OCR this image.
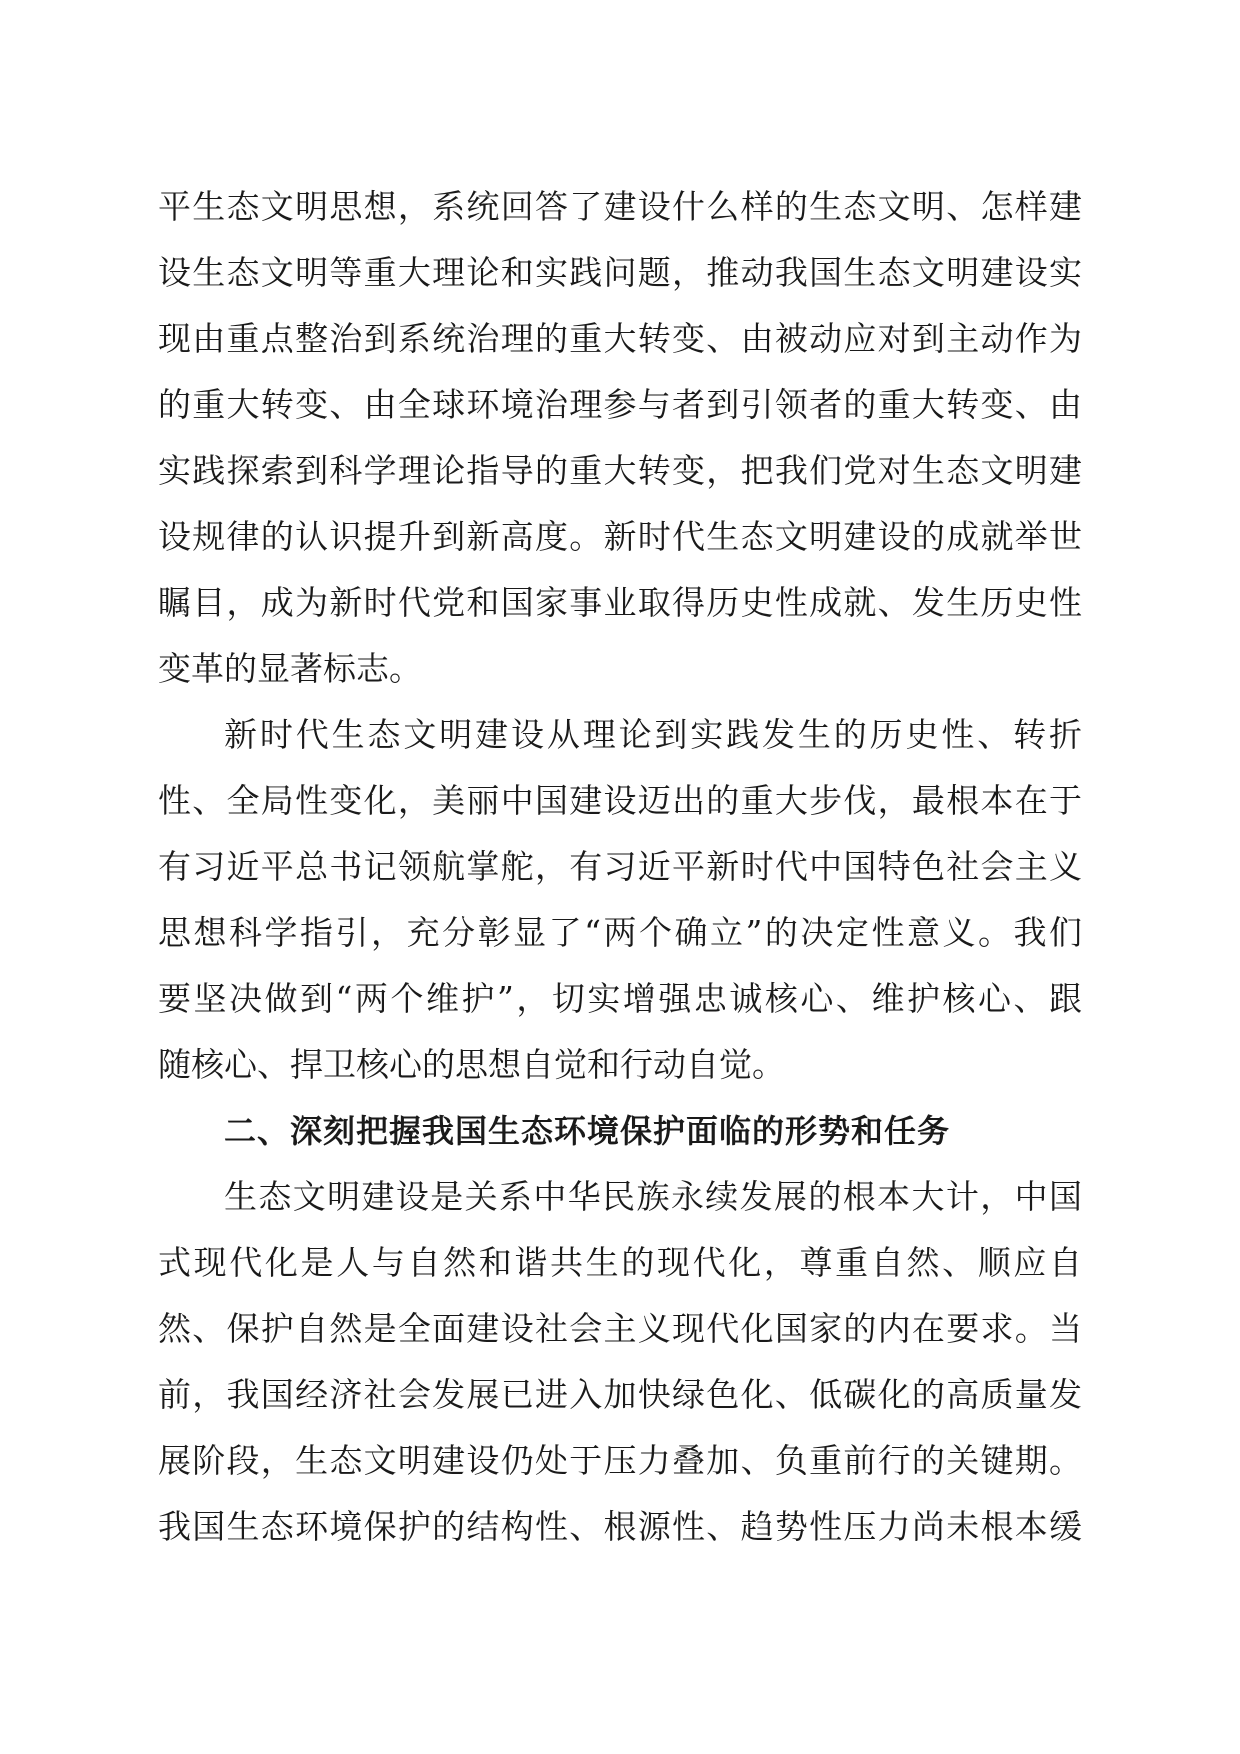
平生态文明思想，系统回答了建设什么样的生态文明、怎样建
设生态文明等重大理论和实践问题，推动我国生态文明建设实
现由重点整治到系统治理的重大转变、由被动应对到主动作为
的重大转变、由全球环境治理参与者到引领者的重大转变、由
实践探索到科学理论指导的重大转变，把我们党对生态文明建
设规律的认识提升到新高度。新时代生态文明建设的成就举世
瞩目，成为新时代党和国家事业取得历史性成就、发生历史性
变革的显著标志。
新时代生态文明建设从理论到实践发生的历史性、转折
性、全局性变化，美丽中国建设迈出的重大步伐，最根本在于
有习近平总书记领航掌舵，有习近平新时代中国特色社会主义
思想科学指引，充分彰显了“两个确立”的决定性意义。我们
要坚决做到“两个维护”，切实增强忠诚核心、维护核心、跟
随核心、捍卫核心的思想自觉和行动自觉。
二、深刻把握我国生态环境保护面临的形势和任务
生态文明建设是关系中华民族永续发展的根本大计，中国
式现代化是人与自然和谐共生的现代化，尊重自然、顺应自
然、保护自然是全面建设社会主义现代化国家的内在要求。当
前，我国经济社会发展已进入加快绿色化、低碳化的高质量发
展阶段，生态文明建设仍处于压力叠加、负重前行的关键期。
我国生态环境保护的结构性、根源性、趋势性压力尚未根本缓
